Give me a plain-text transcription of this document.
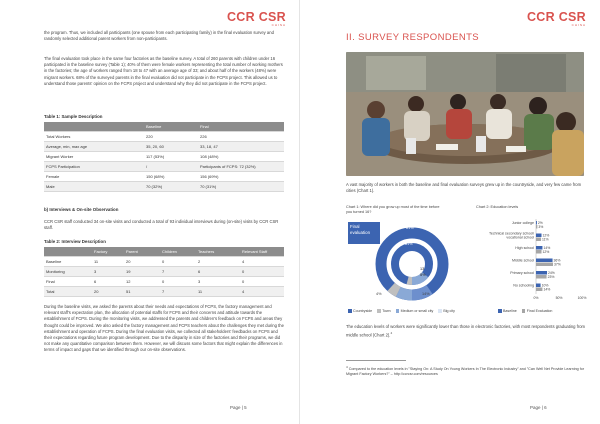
CCR CSR
CHINA
the program. Thus, we included all participants (one spouse from each participating family) in the final evaluation survey and randomly selected additional parent workers from non-participants.
The final evaluation took place in the same four factories as the baseline survey. A total of 260 parents with children under 16 participated in the baseline survey (Table 1); 40% of them were female workers representing the total number of working mothers in the factories; the age of workers ranged from 18 to 47 with an average age of 33; and about half of the workers (48%) were migrant workers. 68% of the surveyed parents in the final evaluation did not participate in the FCPS project. This allowed us to understand those parents' opinion on the FCPS project and understand why they did not participate in the FCPS project.
Table 1: Sample Description
	Baseline	Final
Total Workers	220	226
Average, min, max age	35, 20, 60	33, 18, 47
Migrant Worker	117 (53%)	108 (48%)
FCPS Participation	/	Participants of FCPS: 72 (32%)
Female	150 (68%)	156 (69%)
Male	70 (32%)	70 (31%)
b) Interviews & On-site Observation
CCR CSR staff conducted 34 on-site visits and conducted a total of 93 individual interviews during (on-site) visits by CCR CSR staff.
Table 2: Interview Description
	Factory	Parent	Children	Teachers	Relevant Staff
Baseline	11	20	0	2	4
Monitoring	3	19	7	6	0
Final	6	12	0	3	0
Total	20	51	7	11	4
During the baseline visits, we asked the parents about their needs and expectations of FCPS, the factory management and relevant staff's expectation plan, the allocation of potential staffs for FCPS and their concerns and attitude towards the establishment of FCPS. During the monitoring visits, we addressed the parents and children's feedback on FCPS and areas they thought could be improved. We also asked the factory management and FCPS teachers about the challenges they met during the establishment and operation of FCPS. During the final evaluation visits, we collected all stakeholders' feedbacks on FCPS and their expectations regarding future program development. Due to the disparity in size of the factories and their programs, we did not make any quantitative comparison between them. However, we will discuss some factors that might explain the differences in terms of impact and gaps that we identified through our on-site observations.
Page | 5
CCR CSR
CHINA
II. SURVEY RESPONDENTS
A vast majority of workers in both the baseline and final evaluation surveys grew up in the countryside, and very few came from cities (Chart 1).
Chart 1: Where did you grow up most of the time before you turned 16?
Chart 2: Education levels
Final evaluation
81%
4%	14%
81%
13
5%
Baseline
Countryside	Town	Medium or small city	Big city
Junior college 2%
3%
Technical secondary school/
vocational school	12%
11%
High school	14%
12%
Middle school	36%
37%
Primary school	24%
23%
No schooling 10%
14%
0%	50%	100%
Baseline	Final Evaluation
The education levels of workers were significantly lower than those in electronic factories, with most respondents graduating from middle school (Chart 2).$^4$
$^4$ Compared to the education levels in "Staying On: A Study On Young Workers In The Electronic Industry" and "Can Well Net Provide Learning for Migrant Factory Workers?" – http://ccrcsr.com/resources
Page | 6
